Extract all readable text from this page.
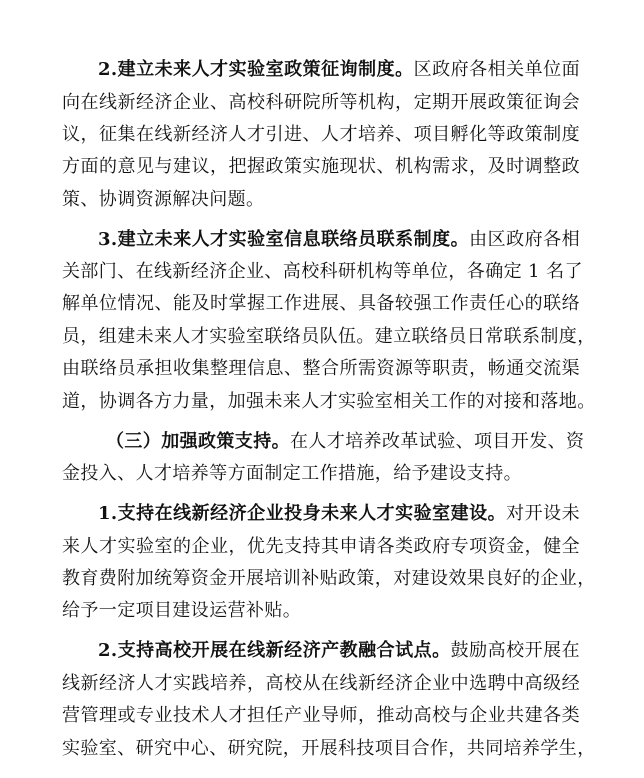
2.建立未来人才实验室政策征询制度。区政府各相关单位面
向在线新经济企业、高校科研院所等机构，定期开展政策征询会
议，征集在线新经济人才引进、人才培养、项目孵化等政策制度
方面的意见与建议，把握政策实施现状、机构需求，及时调整政
策、协调资源解决问题。
3.建立未来人才实验室信息联络员联系制度。由区政府各相
关部门、在线新经济企业、高校科研机构等单位，各确定 1 名了
解单位情况、能及时掌握工作进展、具备较强工作责任心的联络
员，组建未来人才实验室联络员队伍。建立联络员日常联系制度，
由联络员承担收集整理信息、整合所需资源等职责，畅通交流渠
道，协调各方力量，加强未来人才实验室相关工作的对接和落地。
（三）加强政策支持。在人才培养改革试验、项目开发、资
金投入、人才培养等方面制定工作措施，给予建设支持。
1.支持在线新经济企业投身未来人才实验室建设。对开设未
来人才实验室的企业，优先支持其申请各类政府专项资金，健全
教育费附加统筹资金开展培训补贴政策，对建设效果良好的企业，
给予一定项目建设运营补贴。
2.支持高校开展在线新经济产教融合试点。鼓励高校开展在
线新经济人才实践培养，高校从在线新经济企业中选聘中高级经
营管理或专业技术人才担任产业导师，推动高校与企业共建各类
实验室、研究中心、研究院，开展科技项目合作，共同培养学生，
